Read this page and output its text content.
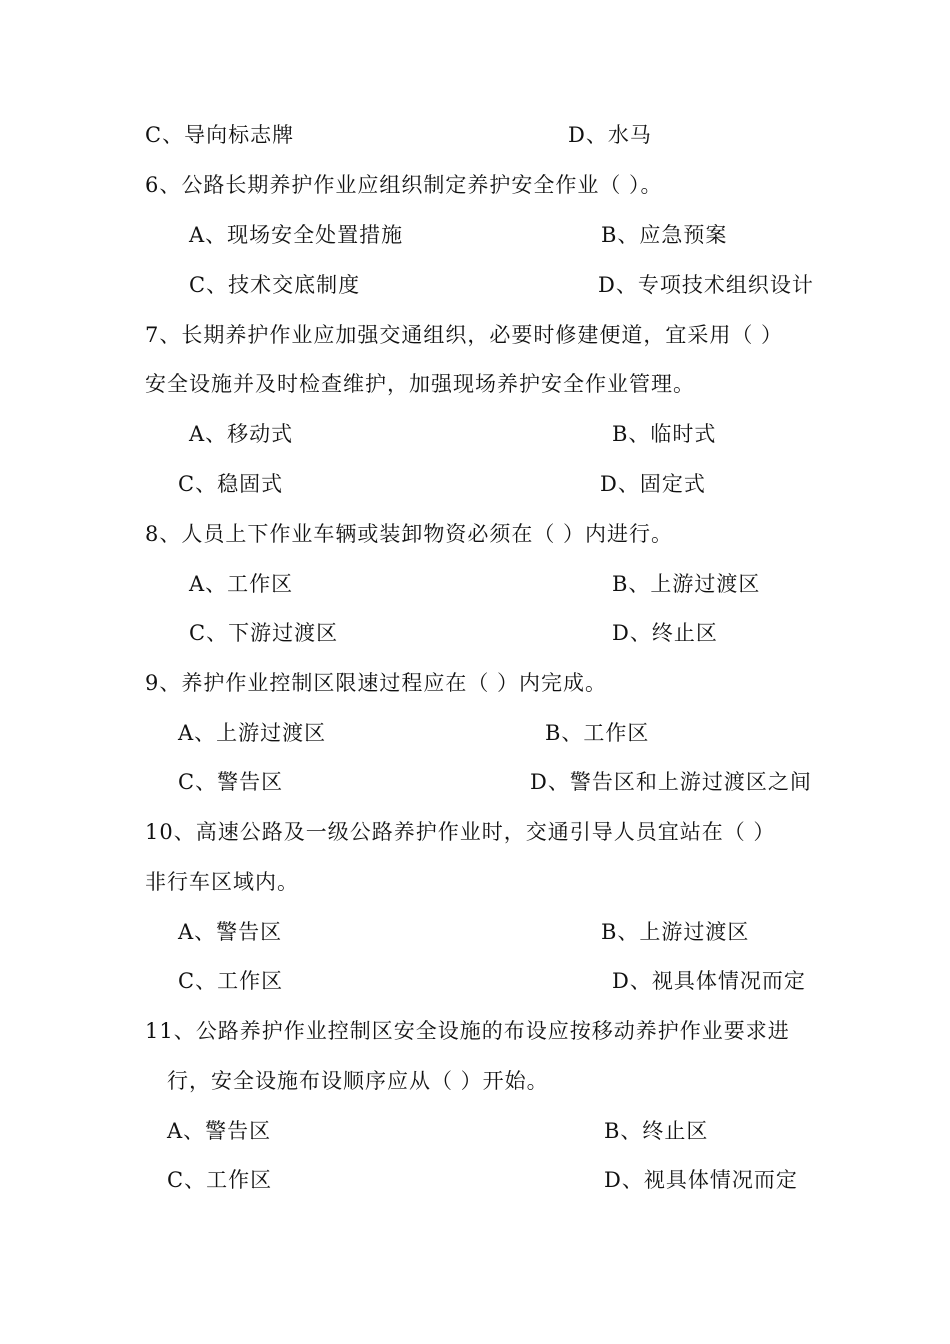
C、导向标志牌	D、水马
6、公路长期养护作业应组织制定养护安全作业（ ）。
A、现场安全处置措施	B、应急预案
C、技术交底制度	D、专项技术组织设计
7、长期养护作业应加强交通组织，必要时修建便道，宜采用（ ）
安全设施并及时检查维护，加强现场养护安全作业管理。
A、移动式	B、临时式
C、稳固式	D、固定式
8、人员上下作业车辆或装卸物资必须在（ ）内进行。
A、工作区	B、上游过渡区
C、下游过渡区	D、终止区
9、养护作业控制区限速过程应在（ ）内完成。
A、上游过渡区	B、工作区
C、警告区	D、警告区和上游过渡区之间
10、高速公路及一级公路养护作业时，交通引导人员宜站在（ ）
非行车区域内。
A、警告区	B、上游过渡区
C、工作区	D、视具体情况而定
11、公路养护作业控制区安全设施的布设应按移动养护作业要求进
行，安全设施布设顺序应从（ ）开始。
A、警告区	B、终止区
C、工作区	D、视具体情况而定
